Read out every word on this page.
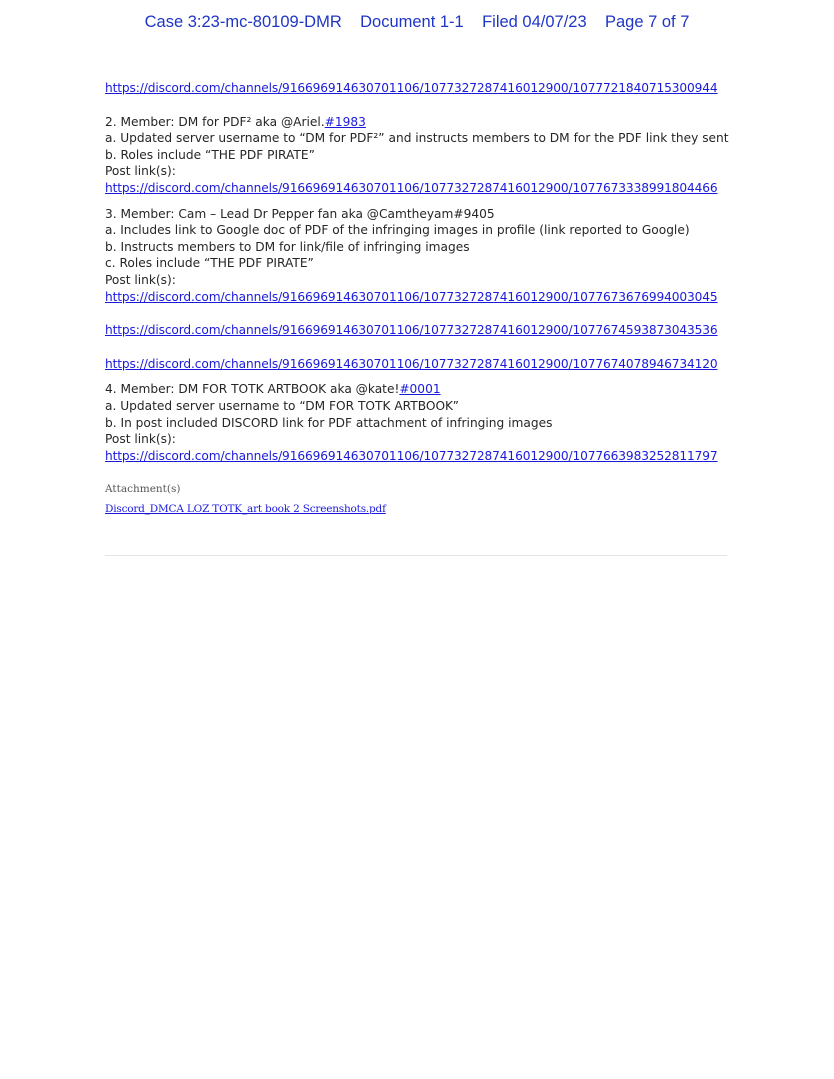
Case 3:23-mc-80109-DMR    Document 1-1    Filed 04/07/23    Page 7 of 7
https://discord.com/channels/916696914630701106/1077327287416012900/1077721840715300944

2. Member: DM for PDF² aka @Ariel.#1983

a. Updated server username to “DM for PDF²” and instructs members to DM for the PDF link they sent

b. Roles include “THE PDF PIRATE”

Post link(s):

https://discord.com/channels/916696914630701106/1077327287416012900/1077673338991804466

3. Member: Cam – Lead Dr Pepper fan aka @Camtheyam#9405

a. Includes link to Google doc of PDF of the infringing images in profile (link reported to Google)

b. Instructs members to DM for link/file of infringing images

c. Roles include “THE PDF PIRATE”

Post link(s):

https://discord.com/channels/916696914630701106/1077327287416012900/1077673676994003045
https://discord.com/channels/916696914630701106/1077327287416012900/1077674593873043536
https://discord.com/channels/916696914630701106/1077327287416012900/1077674078946734120

4. Member: DM FOR TOTK ARTBOOK aka @kate!#0001

a. Updated server username to “DM FOR TOTK ARTBOOK”

b. In post included DISCORD link for PDF attachment of infringing images

Post link(s):

https://discord.com/channels/916696914630701106/1077327287416012900/1077663983252811797
Attachment(s)
Discord_DMCA LOZ TOTK_art book 2 Screenshots.pdf
